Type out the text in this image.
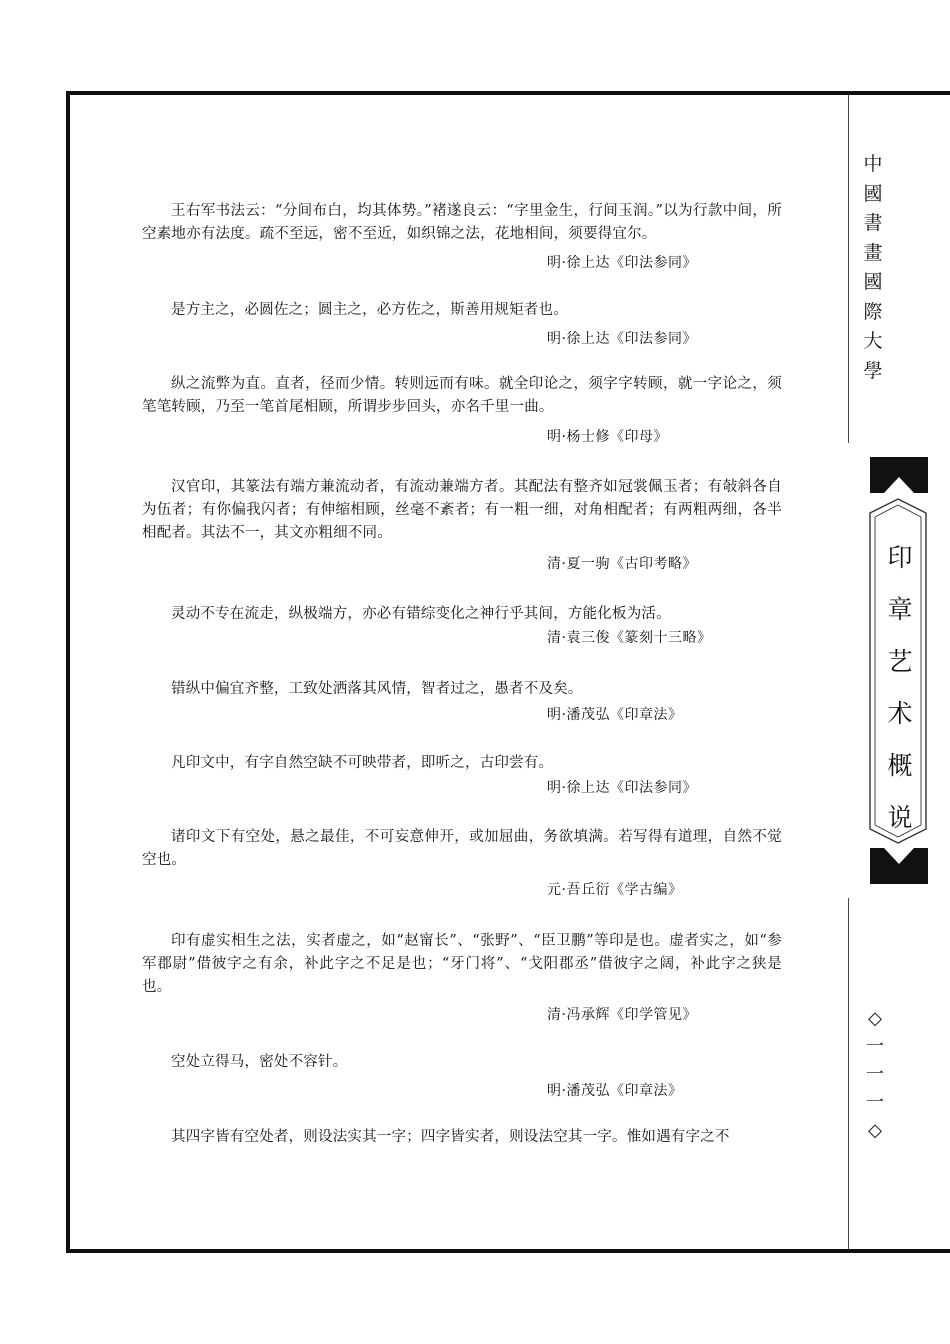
中
國
書
畫
國
際
大
學
印
章
艺
术
概
说
◇
一
一
一
◇

王右军书法云：“分间布白，均其体势。”褚遂良云：“字里金生，行间玉润。”以为行款中间，所空素地亦有法度。疏不至远，密不至近，如织锦之法，花地相间，须要得宜尔。

明·徐上达《印法参同》

是方主之，必圆佐之；圆主之，必方佐之，斯善用规矩者也。

明·徐上达《印法参同》

纵之流弊为直。直者，径而少情。转则远而有味。就全印论之，须字字转顾，就一字论之，须笔笔转顾，乃至一笔首尾相顾，所谓步步回头，亦名千里一曲。

明·杨士修《印母》

汉官印，其篆法有端方兼流动者，有流动兼端方者。其配法有整齐如冠裳佩玉者；有敧斜各自为伍者；有你偏我闪者；有伸缩相顾，丝毫不紊者；有一粗一细，对角相配者；有两粗两细，各半相配者。其法不一，其文亦粗细不同。

清·夏一驹《古印考略》

灵动不专在流走，纵极端方，亦必有错综变化之神行乎其间，方能化板为活。

清·袁三俊《篆刻十三略》

错纵中偏宜齐整，工致处洒落其风情，智者过之，愚者不及矣。

明·潘茂弘《印章法》

凡印文中，有字自然空缺不可映带者，即听之，古印尝有。

明·徐上达《印法参同》

诸印文下有空处，悬之最佳，不可妄意伸开，或加屈曲，务欲填满。若写得有道理，自然不觉空也。

元·吾丘衍《学古编》

印有虚实相生之法，实者虚之，如“赵甯长”、“张野”、“臣卫鹏”等印是也。虚者实之，如“参军郡尉”借彼字之有余，补此字之不足是也；“牙门将”、“戈阳郡丞”借彼字之阔，补此字之狭是也。

清·冯承辉《印学管见》

空处立得马，密处不容针。

明·潘茂弘《印章法》

其四字皆有空处者，则设法实其一字；四字皆实者，则设法空其一字。惟如遇有字之不
